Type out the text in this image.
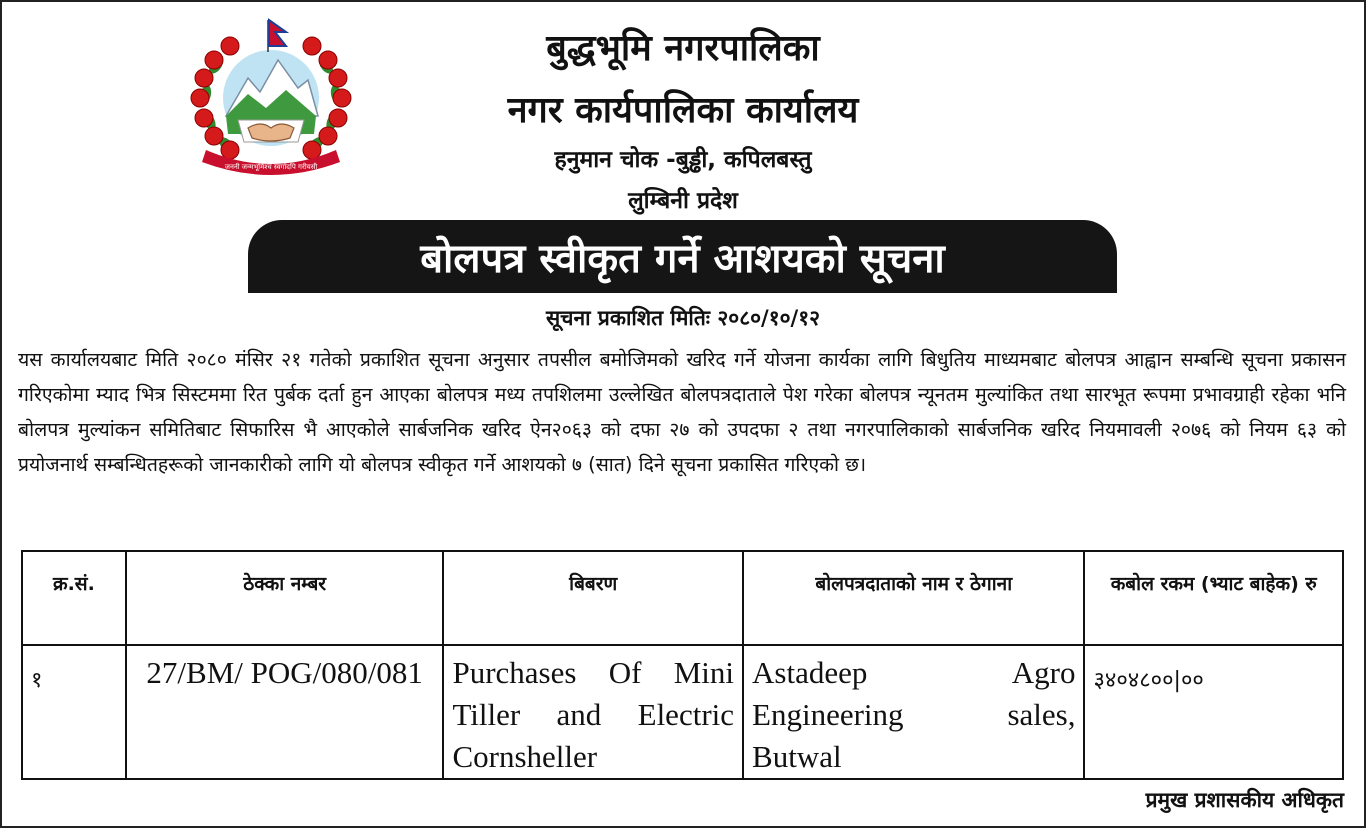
जननी जन्मभूमिश्च स्वर्गादपि गरीयसी
बुद्धभूमि नगरपालिका
नगर कार्यपालिका कार्यालय
हनुमान चोक -बुड्ढी, कपिलबस्तु
लुम्बिनी प्रदेश
बोलपत्र स्वीकृत गर्ने आशयको सूचना
सूचना प्रकाशित मितिः २०८०/१०/१२
यस कार्यालयबाट मिति २०८० मंसिर २१ गतेको प्रकाशित सूचना अनुसार तपसील बमोजिमको खरिद गर्ने योजना कार्यका लागि बिधुतिय माध्यमबाट बोलपत्र आह्वान सम्बन्धि सूचना प्रकासन गरिएकोमा म्याद भित्र सिस्टममा रित पुर्बक दर्ता हुन आएका बोलपत्र मध्य तपशिलमा उल्लेखित बोलपत्रदाताले पेश गरेका बोलपत्र न्यूनतम मुल्यांकित तथा सारभूत रूपमा प्रभावग्राही रहेका भनि बोलपत्र मुल्यांकन समितिबाट सिफारिस भै आएकोले सार्बजनिक खरिद ऐन२०६३ को दफा २७ को उपदफा २ तथा नगरपालिकाको सार्बजनिक खरिद नियमावली २०७६ को नियम ६३ को प्रयोजनार्थ सम्बन्धितहरूको जानकारीको लागि यो बोलपत्र स्वीकृत गर्ने आशयको ७ (सात) दिने सूचना प्रकासित गरिएको छ।
क्र.सं.	ठेक्का नम्बर	बिबरण	बोलपत्रदाताको नाम र ठेगाना	कबोल रकम (भ्याट बाहेक) रु
१	27/BM/ POG/080/081	Purchases Of Mini Tiller and Electric Cornsheller	Astadeep Agro Engineering sales, Butwal	३४०४८००|००
प्रमुख प्रशासकीय अधिकृत
